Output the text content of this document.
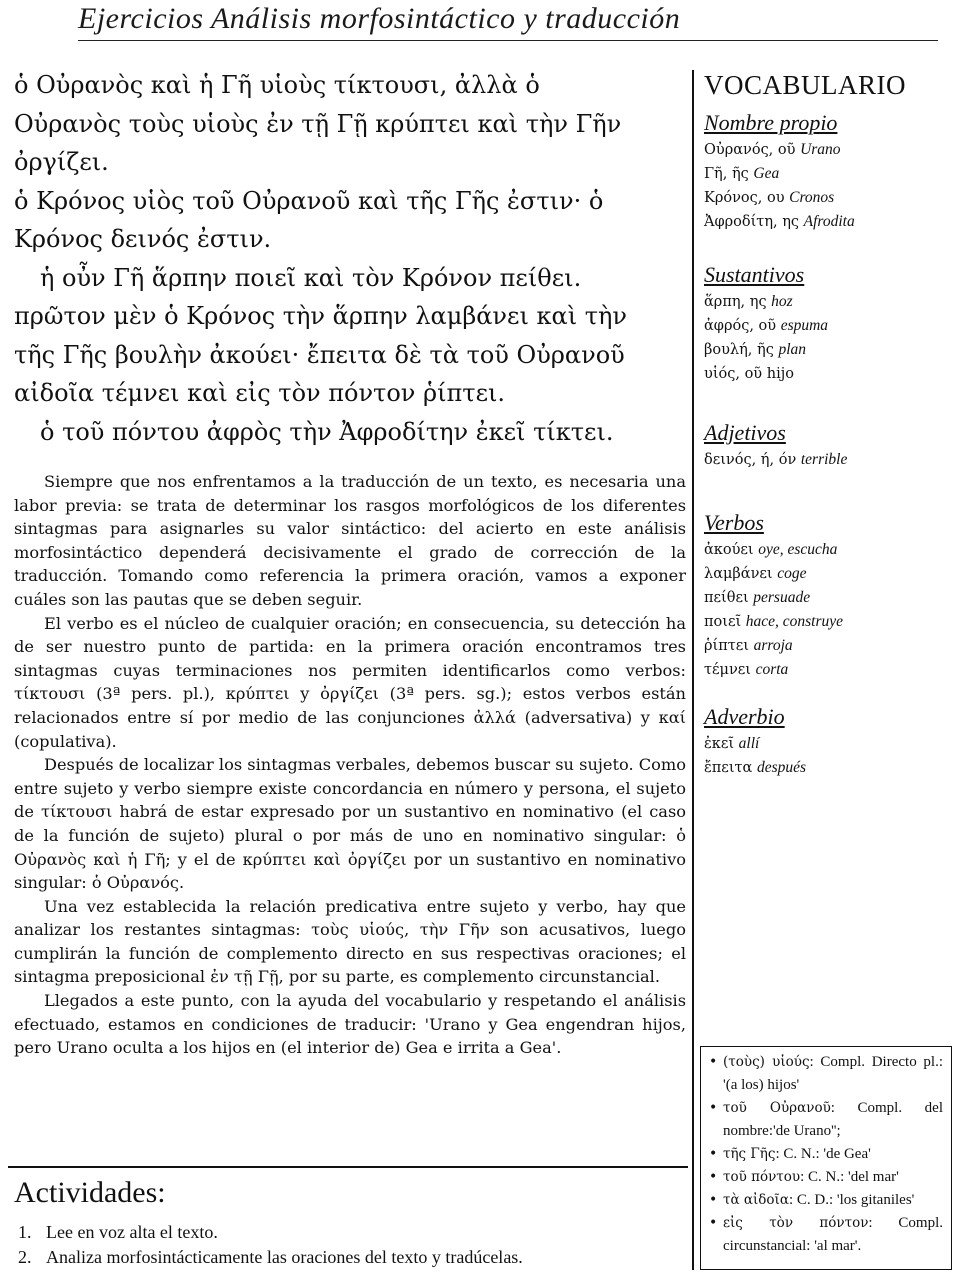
Ejercicios Análisis morfosintáctico y traducción

ὁ Οὐρανὸς καὶ ἡ Γῆ υἱοὺς τίκτουσι, ἀλλὰ ὁ

Οὐρανὸς τοὺς υἱοὺς ἐν τῇ Γῇ κρύπτει καὶ τὴν Γῆν

ὀργίζει.

ὁ Κρόνος υἱὸς τοῦ Οὐρανοῦ καὶ τῆς Γῆς ἐστιν· ὁ

Κρόνος δεινός ἐστιν.

ἡ οὖν Γῆ ἅρπην ποιεῖ καὶ τὸν Κρόνον πείθει.

πρῶτον μὲν ὁ Κρόνος τὴν ἅρπην λαμβάνει καὶ τὴν

τῆς Γῆς βουλὴν ἀκούει· ἔπειτα δὲ τὰ τοῦ Οὐρανοῦ

αἰδοῖα τέμνει καὶ εἰς τὸν πόντον ῥίπτει.

ὁ τοῦ πόντου ἀφρὸς τὴν Ἀφροδίτην ἐκεῖ τίκτει.

Siempre que nos enfrentamos a la traducción de un texto, es necesaria una labor previa: se trata de determinar los rasgos morfológicos de los diferentes sintagmas para asignarles su valor sintáctico: del acierto en este análisis morfosintáctico dependerá decisivamente el grado de corrección de la traducción. Tomando como referencia la primera oración, vamos a exponer cuáles son las pautas que se deben seguir.

El verbo es el núcleo de cualquier oración; en consecuencia, su detección ha de ser nuestro punto de partida: en la primera oración encontramos tres sintagmas cuyas terminaciones nos permiten identificarlos como verbos: τίκτουσι (3ª pers. pl.), κρύπτει y ὀργίζει (3ª pers. sg.); estos verbos están relacionados entre sí por medio de las conjunciones ἀλλά (adversativa) y καί (copulativa).

Después de localizar los sintagmas verbales, debemos buscar su sujeto. Como entre sujeto y verbo siempre existe concordancia en número y persona, el sujeto de τίκτουσι habrá de estar expresado por un sustantivo en nominativo (el caso de la función de sujeto) plural o por más de uno en nominativo singular: ὁ Οὐρανὸς καὶ ἡ Γῆ; y el de κρύπτει καὶ ὀργίζει por un sustantivo en nominativo singular: ὁ Οὐρανός.

Una vez establecida la relación predicativa entre sujeto y verbo, hay que analizar los restantes sintagmas: τοὺς υἱούς, τὴν Γῆν son acusativos, luego cumplirán la función de complemento directo en sus respectivas oraciones; el sintagma preposicional ἐν τῇ Γῇ, por su parte, es complemento circunstancial.

Llegados a este punto, con la ayuda del vocabulario y respetando el análisis efectuado, estamos en condiciones de traducir: 'Urano y Gea engendran hijos, pero Urano oculta a los hijos en (el interior de) Gea e irrita a Gea'.

Actividades:
1. Lee en voz alta el texto.
2. Analiza morfosintácticamente las oraciones del texto y tradúcelas.
VOCABULARIO
Nombre propio
Οὐρανός, οῦ Urano
Γῆ, ῆς Gea
Κρόνος, ου Cronos
Ἀφροδίτη, ης Afrodita
Sustantivos
ἅρπη, ης hoz
ἀφρός, οῦ espuma
βουλή, ῆς plan
υἱός, οῦ hijo
Adjetivos
δεινός, ή, όν terrible
Verbos
ἀκούει oye, escucha
λαμβάνει coge
πείθει persuade
ποιεῖ hace, construye
ῥίπτει arroja
τέμνει corta
Adverbio
ἐκεῖ allí
ἔπειτα después
• (τοὺς) υἱούς: Compl. Directo pl.: '(a los) hijos'
• τοῦ Οὐρανοῦ: Compl. del nombre:'de Urano'';
• τῆς Γῆς: C. N.: 'de Gea'
• τοῦ πόντου: C. N.: 'del mar'
• τὰ αἰδοῖα: C. D.: 'los gitaniles'
• εἰς τὸν πόντον: Compl. circunstancial: 'al mar'.
